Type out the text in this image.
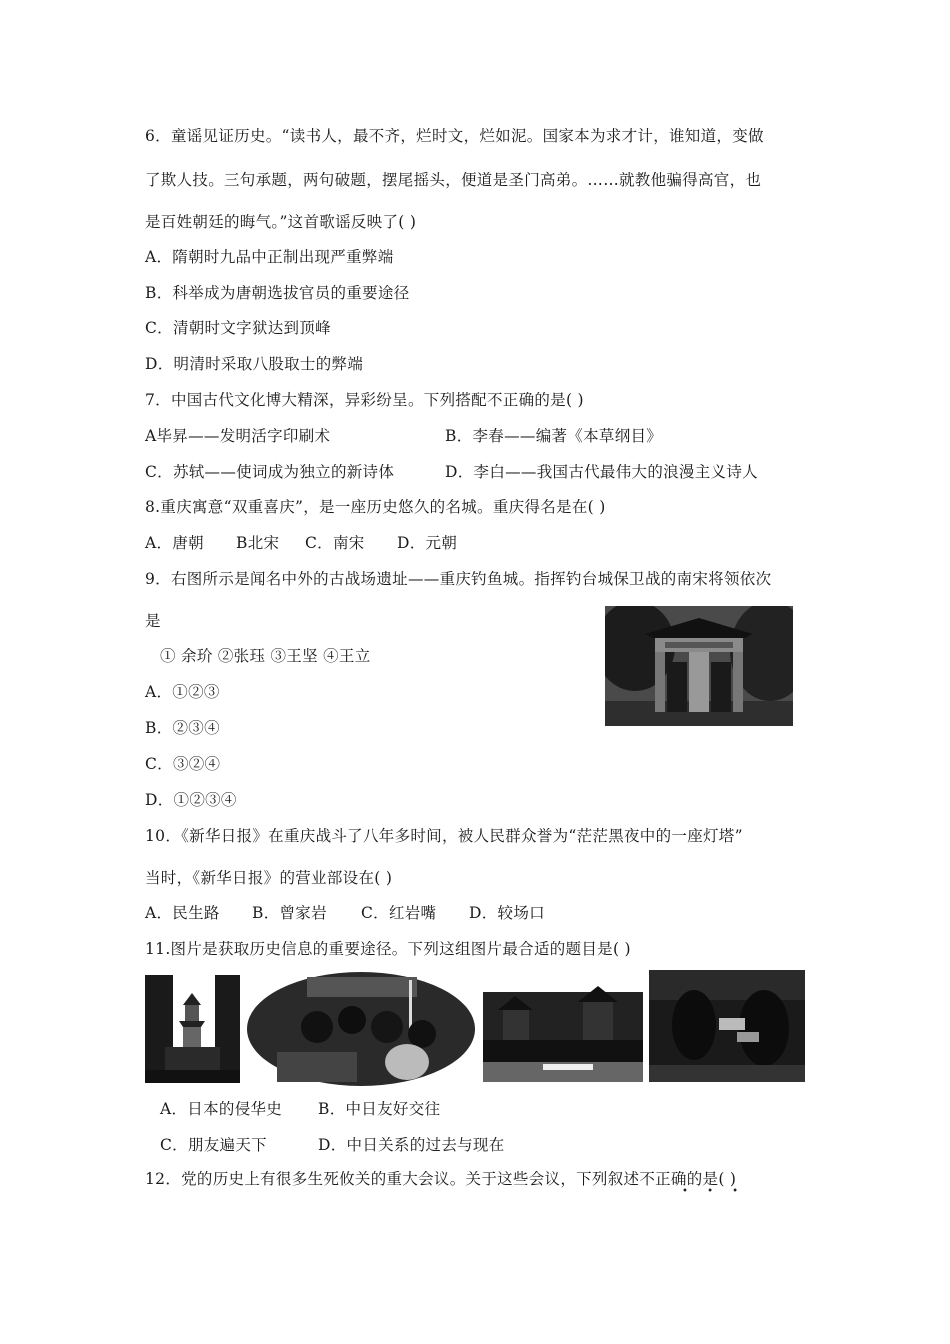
6．童谣见证历史。“读书人，最不齐，烂时文，烂如泥。国家本为求才计，谁知道，变做
了欺人技。三句承题，两句破题，摆尾摇头，便道是圣门高弟。……就教他骗得高官，也
是百姓朝廷的晦气。”这首歌谣反映了( )
A．隋朝时九品中正制出现严重弊端
B．科举成为唐朝选拔官员的重要途径
C．清朝时文字狱达到顶峰
D．明清时采取八股取士的弊端
7．中国古代文化博大精深，异彩纷呈。下列搭配不正确的是( )
A毕昇——发明活字印刷术	B．李春——编著《本草纲目》
C．苏轼——使词成为独立的新诗体	D．李白——我国古代最伟大的浪漫主义诗人
8.重庆寓意“双重喜庆”，是一座历史悠久的名城。重庆得名是在( )
A．唐朝 B北宋 C．南宋 D．元朝
9．右图所示是闻名中外的古战场遗址——重庆钓鱼城。指挥钓台城保卫战的南宋将领依次
是
① 余玠 ②张珏 ③王坚 ④王立
A．①②③
B．②③④
C．③②④
D．①②③④
10．《新华日报》在重庆战斗了八年多时间，被人民群众誉为“茫茫黑夜中的一座灯塔”
当时，《新华日报》的营业部设在( )
A．民生路 B．曾家岩 C．红岩嘴 D．较场口
11.图片是获取历史信息的重要途径。下列这组图片最合适的题目是( )
A．日本的侵华史 B．中日友好交往
C．朋友遍天下	D．中日关系的过去与现在
12．党的历史上有很多生死攸关的重大会议。关于这些会议，下列叙述不正确的是( )
• • •
